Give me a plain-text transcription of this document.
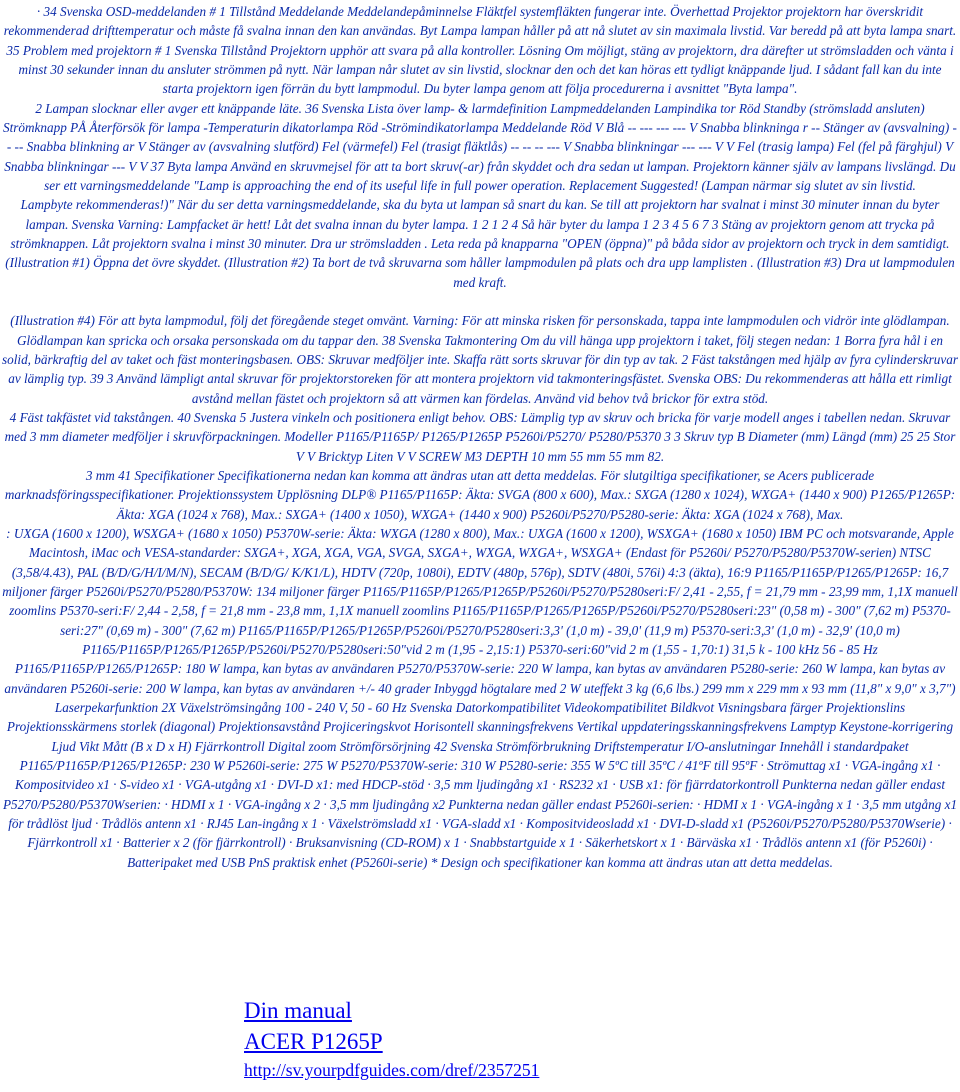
· 34 Svenska OSD-meddelanden # 1 Tillstånd Meddelande Meddelandepåminnelse Fläktfel systemfläkten fungerar inte. Överhettad Projektor projektorn har överskridit rekommenderad drifttemperatur och måste få svalna innan den kan användas. Byt Lampa lampan håller på att nå slutet av sin maximala livstid. Var beredd på att byta lampa snart.

35 Problem med projektorn # 1 Svenska Tillstånd Projektorn upphör att svara på alla kontroller. Lösning Om möjligt, stäng av projektorn, dra därefter ut strömsladden och vänta i minst 30 sekunder innan du ansluter strömmen på nytt. När lampan når slutet av sin livstid, slocknar den och det kan höras ett tydligt knäppande ljud. I sådant fall kan du inte starta projektorn igen förrän du bytt lampmodul. Du byter lampa genom att följa procedurerna i avsnittet "Byta lampa".

2 Lampan slocknar eller avger ett knäppande läte. 36 Svenska Lista över lamp- & larmdefinition Lampmeddelanden Lampindika tor Röd Standby (strömsladd ansluten) Strömknapp PÅ Återförsök för lampa -Temperaturin dikatorlampa Röd -Strömindikatorlampa Meddelande Röd V Blå -- --- --- --- V Snabba blinkninga r -- Stänger av (avsvalning) -- -- Snabba blinkning ar V Stänger av (avsvalning slutförd) Fel (värmefel) Fel (trasigt fläktlås) -- -- -- --- V Snabba blinkningar --- --- V V Fel (trasig lampa) Fel (fel på färghjul) V Snabba blinkningar --- V V 37 Byta lampa Använd en skruvmejsel för att ta bort skruv(-ar) från skyddet och dra sedan ut lampan. Projektorn känner själv av lampans livslängd. Du ser ett varningsmeddelande "Lamp is approaching the end of its useful life in full power operation. Replacement Suggested! (Lampan närmar sig slutet av sin livstid.

Lampbyte rekommenderas!)" När du ser detta varningsmeddelande, ska du byta ut lampan så snart du kan. Se till att projektorn har svalnat i minst 30 minuter innan du byter lampan. Svenska Varning: Lampfacket är hett! Låt det svalna innan du byter lampa. 1 2 1 2 4 Så här byter du lampa 1 2 3 4 5 6 7 3 Stäng av projektorn genom att trycka på strömknappen. Låt projektorn svalna i minst 30 minuter. Dra ur strömsladden . Leta reda på knapparna "OPEN (öppna)" på båda sidor av projektorn och tryck in dem samtidigt. (Illustration #1) Öppna det övre skyddet. (Illustration #2) Ta bort de två skruvarna som håller lampmodulen på plats och dra upp lamplisten . (Illustration #3) Dra ut lampmodulen med kraft.

(Illustration #4) För att byta lampmodul, följ det föregående steget omvänt. Varning: För att minska risken för personskada, tappa inte lampmodulen och vidrör inte glödlampan. Glödlampan kan spricka och orsaka personskada om du tappar den. 38 Svenska Takmontering Om du vill hänga upp projektorn i taket, följ stegen nedan: 1 Borra fyra hål i en solid, bärkraftig del av taket och fäst monteringsbasen. OBS: Skruvar medföljer inte. Skaffa rätt sorts skruvar för din typ av tak. 2 Fäst takstången med hjälp av fyra cylinderskruvar av lämplig typ. 39 3 Använd lämpligt antal skruvar för projektorstoreken för att montera projektorn vid takmonteringsfästet. Svenska OBS: Du rekommenderas att hålla ett rimligt avstånd mellan fästet och projektorn så att värmen kan fördelas. Använd vid behov två brickor för extra stöd.

4 Fäst takfästet vid takstången. 40 Svenska 5 Justera vinkeln och positionera enligt behov. OBS: Lämplig typ av skruv och bricka för varje modell anges i tabellen nedan. Skruvar med 3 mm diameter medföljer i skruvförpackningen. Modeller P1165/P1165P/ P1265/P1265P P5260i/P5270/ P5280/P5370 3 3 Skruv typ B Diameter (mm) Längd (mm) 25 25 Stor V V Bricktyp Liten V V SCREW M3 DEPTH 10 mm 55 mm 55 mm 82.

3 mm 41 Specifikationer Specifikationerna nedan kan komma att ändras utan att detta meddelas. För slutgiltiga specifikationer, se Acers publicerade marknadsföringsspecifikationer. Projektionssystem Upplösning DLP® P1165/P1165P: Äkta: SVGA (800 x 600), Max.: SXGA (1280 x 1024), WXGA+ (1440 x 900) P1265/P1265P: Äkta: XGA (1024 x 768), Max.: SXGA+ (1400 x 1050), WXGA+ (1440 x 900) P5260i/P5270/P5280-serie: Äkta: XGA (1024 x 768), Max.

: UXGA (1600 x 1200), WSXGA+ (1680 x 1050) P5370W-serie: Äkta: WXGA (1280 x 800), Max.: UXGA (1600 x 1200), WSXGA+ (1680 x 1050) IBM PC och motsvarande, Apple Macintosh, iMac och VESA-standarder: SXGA+, XGA, XGA, VGA, SVGA, SXGA+, WXGA, WXGA+, WSXGA+ (Endast för P5260i/ P5270/P5280/P5370W-serien) NTSC (3,58/4.43), PAL (B/D/G/H/I/M/N), SECAM (B/D/G/ K/K1/L), HDTV (720p, 1080i), EDTV (480p, 576p), SDTV (480i, 576i) 4:3 (äkta), 16:9 P1165/P1165P/P1265/P1265P: 16,7 miljoner färger P5260i/P5270/P5280/P5370W: 134 miljoner färger P1165/P1165P/P1265/P1265P/P5260i/P5270/P5280seri:F/ 2,41 - 2,55, f = 21,79 mm - 23,99 mm, 1,1X manuell zoomlins P5370-seri:F/ 2,44 - 2,58, f = 21,8 mm - 23,8 mm, 1,1X manuell zoomlins P1165/P1165P/P1265/P1265P/P5260i/P5270/P5280seri:23" (0,58 m) - 300" (7,62 m) P5370-seri:27" (0,69 m) - 300" (7,62 m) P1165/P1165P/P1265/P1265P/P5260i/P5270/P5280seri:3,3' (1,0 m) - 39,0' (11,9 m) P5370-seri:3,3' (1,0 m) - 32,9' (10,0 m) P1165/P1165P/P1265/P1265P/P5260i/P5270/P5280seri:50"vid 2 m (1,95 - 2,15:1) P5370-seri:60"vid 2 m (1,55 - 1,70:1) 31,5 k - 100 kHz 56 - 85 Hz P1165/P1165P/P1265/P1265P: 180 W lampa, kan bytas av användaren P5270/P5370W-serie: 220 W lampa, kan bytas av användaren P5280-serie: 260 W lampa, kan bytas av användaren P5260i-serie: 200 W lampa, kan bytas av användaren +/- 40 grader Inbyggd högtalare med 2 W uteffekt 3 kg (6,6 lbs.) 299 mm x 229 mm x 93 mm (11,8" x 9,0" x 3,7") Laserpekarfunktion 2X Växelströmsingång 100 - 240 V, 50 - 60 Hz Svenska Datorkompatibilitet Videokompatibilitet Bildkvot Visningsbara färger Projektionslins Projektionsskärmens storlek (diagonal) Projektionsavstånd Projiceringskvot Horisontell skanningsfrekvens Vertikal uppdateringsskanningsfrekvens Lamptyp Keystone-korrigering Ljud Vikt Mått (B x D x H) Fjärrkontroll Digital zoom Strömförsörjning 42 Svenska Strömförbrukning Driftstemperatur I/O-anslutningar Innehåll i standardpaket P1165/P1165P/P1265/P1265P: 230 W P5260i-serie: 275 W P5270/P5370W-serie: 310 W P5280-serie: 355 W 5ºC till 35ºC / 41ºF till 95ºF · Strömuttag x1 · VGA-ingång x1 · Kompositvideo x1 · S-video x1 · VGA-utgång x1 · DVI-D x1: med HDCP-stöd · 3,5 mm ljudingång x1 · RS232 x1 · USB x1: för fjärrdatorkontroll Punkterna nedan gäller endast P5270/P5280/P5370Wserien: · HDMI x 1 · VGA-ingång x 2 · 3,5 mm ljudingång x2 Punkterna nedan gäller endast P5260i-serien: · HDMI x 1 · VGA-ingång x 1 · 3,5 mm utgång x1 för trådlöst ljud · Trådlös antenn x1 · RJ45 Lan-ingång x 1 · Växelströmsladd x1 · VGA-sladd x1 · Kompositvideosladd x1 · DVI-D-sladd x1 (P5260i/P5270/P5280/P5370Wserie) · Fjärrkontroll x1 · Batterier x 2 (för fjärrkontroll) · Bruksanvisning (CD-ROM) x 1 · Snabbstartguide x 1 · Säkerhetskort x 1 · Bärväska x1 · Trådlös antenn x1 (för P5260i) · Batteripaket med USB PnS praktisk enhet (P5260i-serie) * Design och specifikationer kan komma att ändras utan att detta meddelas.

Din manual
ACER P1265P
http://sv.yourpdfguides.com/dref/2357251
